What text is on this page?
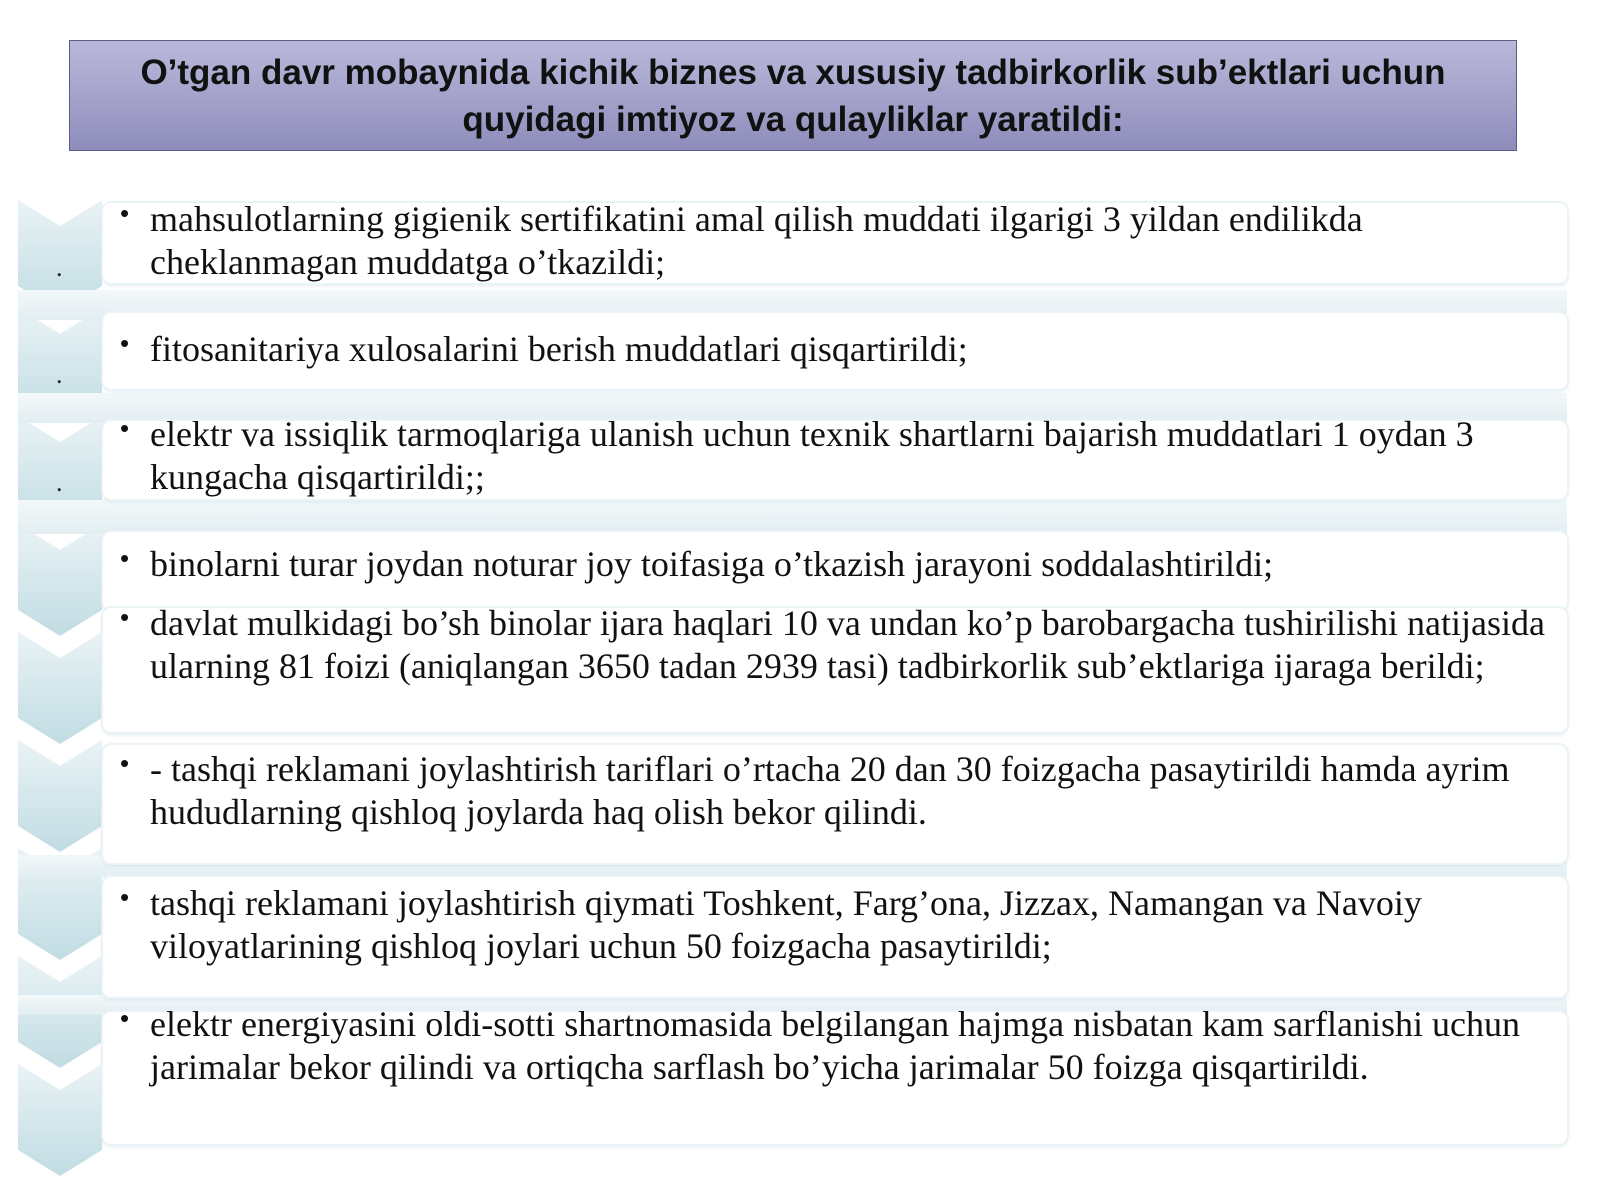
O’tgan davr mobaynida kichik biznes va xususiy tadbirkorlik sub’ektlari uchun quyidagi imtiyoz va qulayliklar yaratildi:
.
.
.
• mahsulotlarning gigienik sertifikatini amal qilish muddati ilgarigi 3 yildan endilikda cheklanmagan muddatga o’tkazildi;
• fitosanitariya xulosalarini berish muddatlari qisqartirildi;
• elektr va issiqlik tarmoqlariga ulanish uchun texnik shartlarni bajarish muddatlari 1 oydan 3 kungacha qisqartirildi;;
• binolarni turar joydan noturar joy toifasiga o’tkazish jarayoni soddalashtirildi;
• davlat mulkidagi bo’sh binolar ijara haqlari 10 va undan ko’p barobargacha tushirilishi natijasida ularning 81 foizi (aniqlangan 3650 tadan 2939 tasi) tadbirkorlik sub’ektlariga ijaraga berildi;
• - tashqi reklamani joylashtirish tariflari o’rtacha 20 dan 30 foizgacha pasaytirildi hamda ayrim hududlarning qishloq joylarda haq olish bekor qilindi.
• tashqi reklamani joylashtirish qiymati Toshkent, Farg’ona, Jizzax, Namangan va Navoiy viloyatlarining qishloq joylari uchun 50 foizgacha pasaytirildi;
• elektr energiyasini oldi-sotti shartnomasida belgilangan hajmga nisbatan kam sarflanishi uchun jarimalar bekor qilindi va ortiqcha sarflash bo’yicha jarimalar 50 foizga qisqartirildi.
